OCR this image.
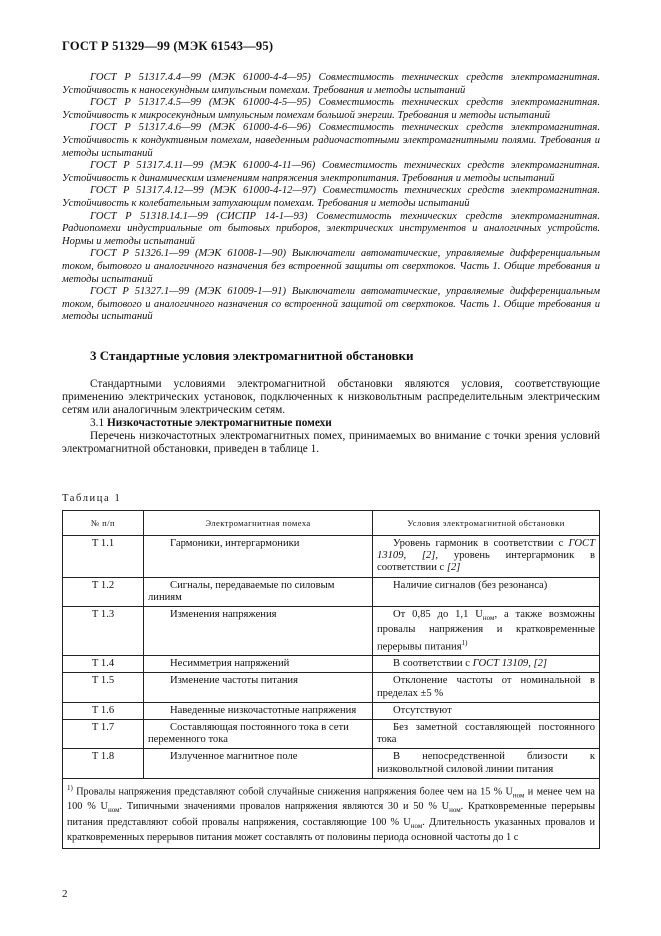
ГОСТ Р 51329—99 (МЭК 61543—95)

ГОСТ Р 51317.4.4—99 (МЭК 61000-4-4—95) Совместимость технических средств электромагнитная. Устойчивость к наносекундным импульсным помехам. Требования и методы испытаний

ГОСТ Р 51317.4.5—99 (МЭК 61000-4-5—95) Совместимость технических средств электромагнитная. Устойчивость к микросекундным импульсным помехам большой энергии. Требования и методы испытаний

ГОСТ Р 51317.4.6—99 (МЭК 61000-4-6—96) Совместимость технических средств электромагнитная. Устойчивость к кондуктивным помехам, наведенным радиочастотными электромагнитными полями. Требования и методы испытаний

ГОСТ Р 51317.4.11—99 (МЭК 61000-4-11—96) Совместимость технических средств электромагнитная. Устойчивость к динамическим изменениям напряжения электропитания. Требования и методы испытаний

ГОСТ Р 51317.4.12—99 (МЭК 61000-4-12—97) Совместимость технических средств электромагнитная. Устойчивость к колебательным затухающим помехам. Требования и методы испытаний

ГОСТ Р 51318.14.1—99 (СИСПР 14-1—93) Совместимость технических средств электромагнитная. Радиопомехи индустриальные от бытовых приборов, электрических инструментов и аналогичных устройств. Нормы и методы испытаний

ГОСТ Р 51326.1—99 (МЭК 61008-1—90) Выключатели автоматические, управляемые дифференциальным током, бытового и аналогичного назначения без встроенной защиты от сверхтоков. Часть 1. Общие требования и методы испытаний

ГОСТ Р 51327.1—99 (МЭК 61009-1—91) Выключатели автоматические, управляемые дифференциальным током, бытового и аналогичного назначения со встроенной защитой от сверхтоков. Часть 1. Общие требования и методы испытаний

3 Стандартные условия электромагнитной обстановки

Стандартными условиями электромагнитной обстановки являются условия, соответствующие применению электрических установок, подключенных к низковольтным распределительным электрическим сетям или аналогичным электрическим сетям.

3.1 Низкочастотные электромагнитные помехи

Перечень низкочастотных электромагнитных помех, принимаемых во внимание с точки зрения условий электромагнитной обстановки, приведен в таблице 1.

Таблица 1
№ п/п	Электромагнитная помеха	Условия электромагнитной обстановки
Т 1.1	Гармоники, интергармоники	Уровень гармоник в соответствии с ГОСТ 13109, [2], уровень интергармоник в соответствии с [2]
Т 1.2	Сигналы, передаваемые по силовым линиям	Наличие сигналов (без резонанса)
Т 1.3	Изменения напряжения	От 0,85 до 1,1 $U_{ном}$, а также возможны провалы напряжения и кратковременные перерывы питания$^{1)}$
Т 1.4	Несимметрия напряжений	В соответствии с ГОСТ 13109, [2]
Т 1.5	Изменение частоты питания	Отклонение частоты от номинальной в пределах ±5 %
Т 1.6	Наведенные низкочастотные напряжения	Отсутствуют
Т 1.7	Составляющая постоянного тока в сети переменного тока	Без заметной составляющей постоянного тока
Т 1.8	Излученное магнитное поле	В непосредственной близости к низковольтной силовой линии питания
$^{1)}$ Провалы напряжения представляют собой случайные снижения напряжения более чем на 15 % $U_{ном}$ и менее чем на 100 % $U_{ном}$. Типичными значениями провалов напряжения являются 30 и 50 % $U_{ном}$. Кратковременные перерывы питания представляют собой провалы напряжения, составляющие 100 % $U_{ном}$. Длительность указанных провалов и кратковременных перерывов питания может составлять от половины периода основной частоты до 1 с		
2
